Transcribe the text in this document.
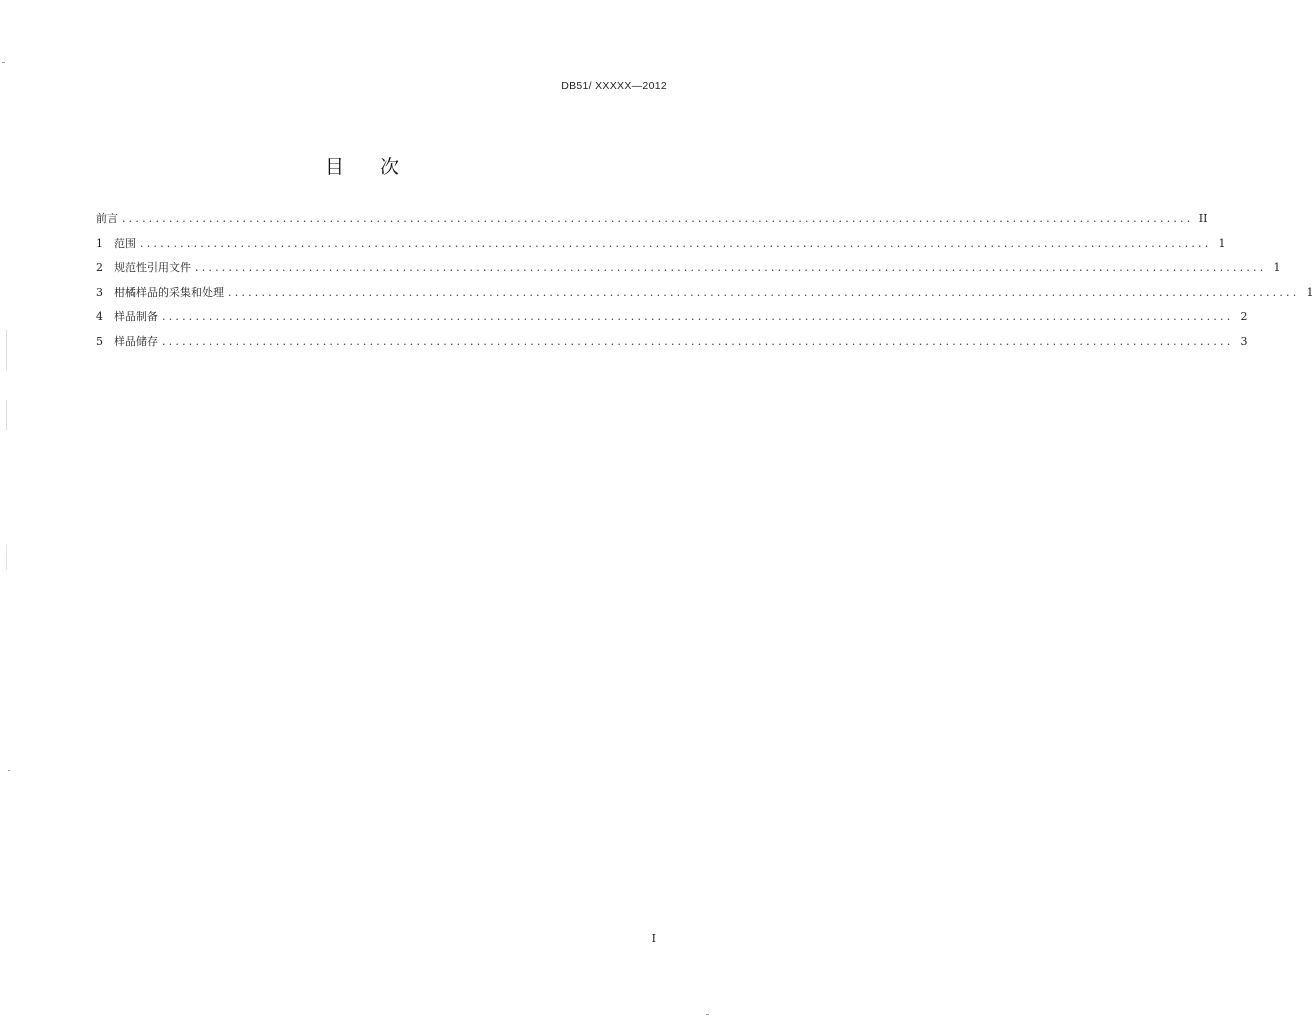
DB51/ XXXXX—2012
目 次
前言 ................................................................................................................................................................ II
1	范围 ................................................................................................................................................................ 1
2	规范性引用文件 ................................................................................................................................................................ 1
3	柑橘样品的采集和处理 ................................................................................................................................................................ 1
4	样品制备 ................................................................................................................................................................ 2
5	样品储存 ................................................................................................................................................................ 3
I
